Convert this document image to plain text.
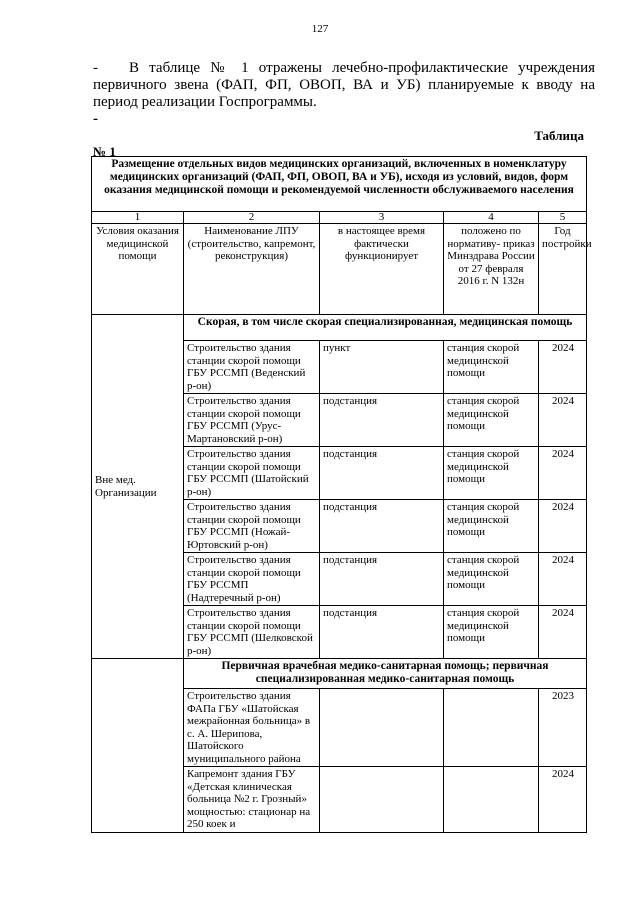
127
- В таблице № 1 отражены лечебно-профилактические учреждения первичного звена (ФАП, ФП, ОВОП, ВА и УБ) планируемые к вводу на период реализации Госпрограммы.
-
Таблица
№ 1
Размещение отдельных видов медицинских организаций, включенных в номенклатуру медицинских организаций (ФАП, ФП, ОВОП, ВА и УБ), исходя из условий, видов, форм оказания медицинской помощи и рекомендуемой численности обслуживаемого населения				
1	2	3	4	5
Условия оказания медицинской помощи	Наименование ЛПУ (строительство, капремонт, реконструкция)	в настоящее время фактически функционирует	положено по нормативу- приказ Минздрава России от 27 февраля 2016 г. N 132н	Год постройки

Вне мед. Организации	Скорая, в том числе скорая специализированная, медицинская помощь			
	Строительство здания станции скорой помощи ГБУ РССМП (Веденский р-он)	пункт	станция скорой медицинской помощи	2024
	Строительство здания станции скорой помощи ГБУ РССМП (Урус-Мартановский р-он)	подстанция	станция скорой медицинской помощи	2024
	Строительство здания станции скорой помощи ГБУ РССМП (Шатойский р-он)	подстанция	станция скорой медицинской помощи	2024
	Строительство здания станции скорой помощи ГБУ РССМП (Ножай-Юртовский р-он)	подстанция	станция скорой медицинской помощи	2024
	Строительство здания станции скорой помощи ГБУ РССМП (Надтеречный р-он)	подстанция	станция скорой медицинской помощи	2024
	Строительство здания станции скорой помощи ГБУ РССМП (Шелковской р-он)	подстанция	станция скорой медицинской помощи	2024
	Первичная врачебная медико-санитарная помощь; первичная специализированная медико-санитарная помощь			
	Строительство здания ФАПа ГБУ «Шатойская межрайонная больница» в с. А. Шерипова, Шатойского муниципального района			2023
	Капремонт здания ГБУ «Детская клиническая больница №2 г. Грозный» мощностью: стационар на 250 коек и			2024
